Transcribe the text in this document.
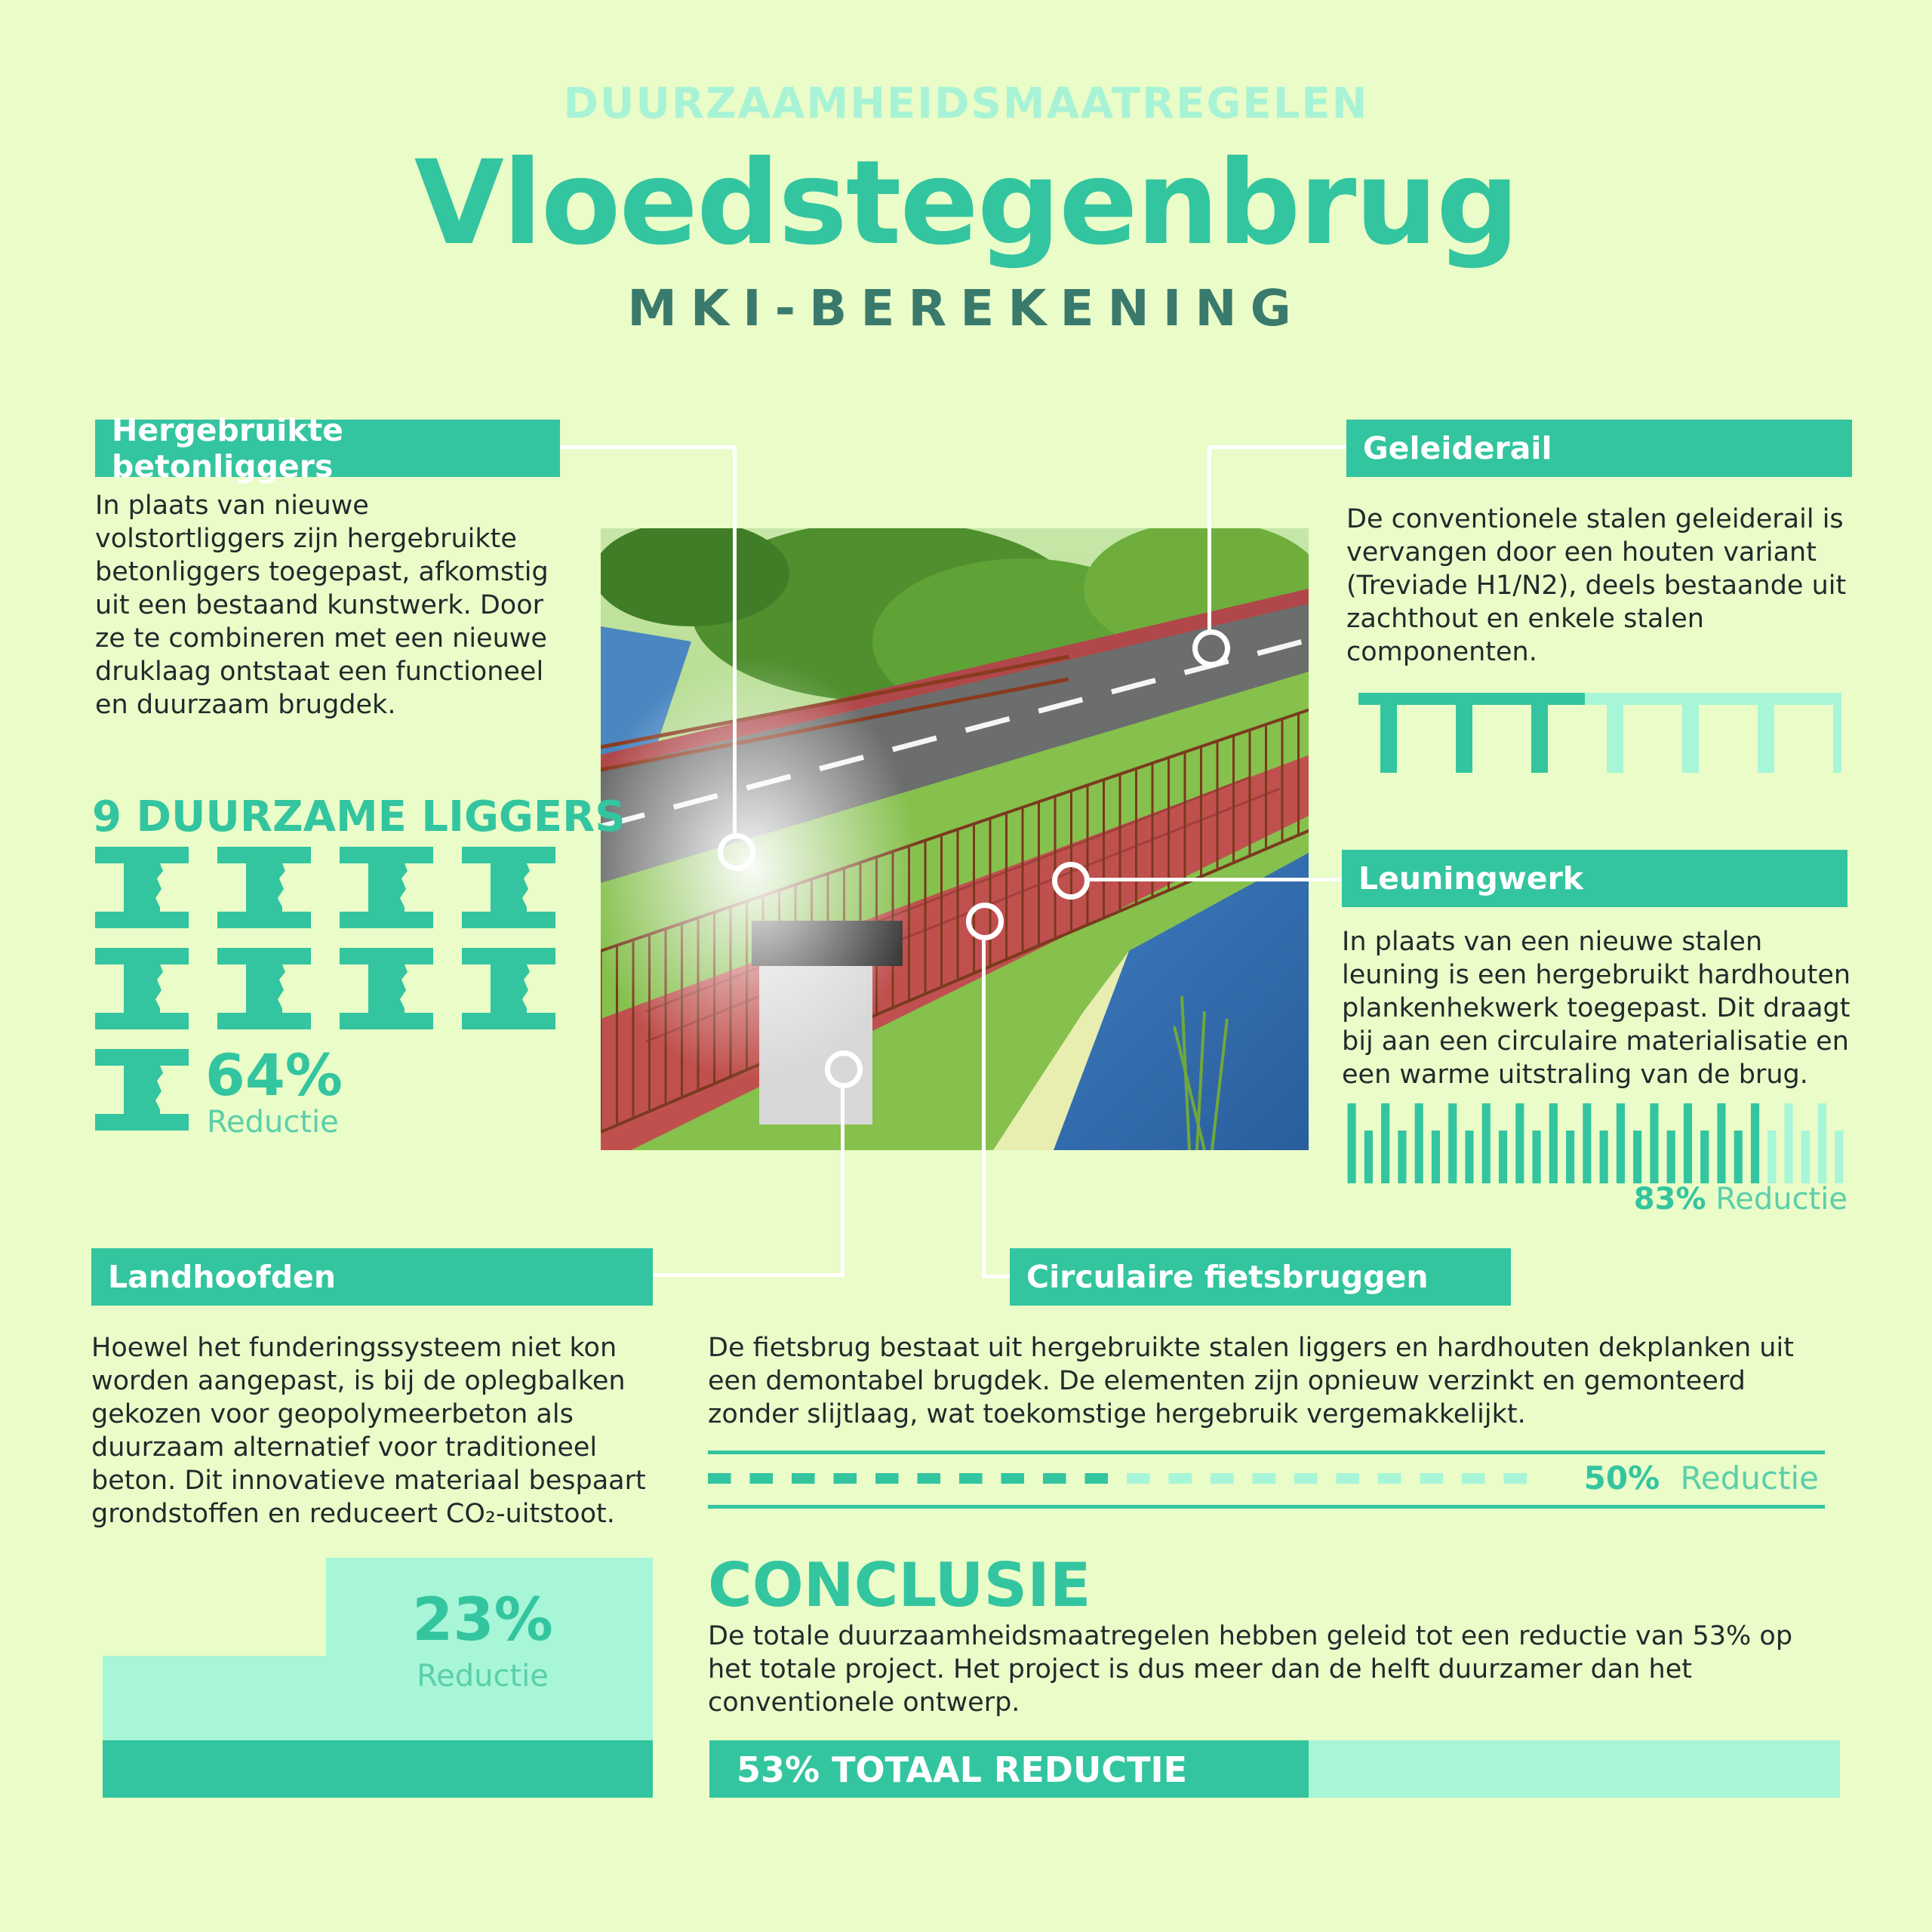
DUURZAAMHEIDSMAATREGELEN
Vloedstegenbrug
MKI-BEREKENING
Hergebruikte betonliggers
In plaats van nieuwe volstortliggers zijn hergebruikte betonliggers toegepast, afkomstig uit een bestaand kunstwerk. Door ze te combineren met een nieuwe druklaag ontstaat een functioneel en duurzaam brugdek.
9 DUURZAME LIGGERS
64%
Reductie
Geleiderail
De conventionele stalen geleiderail is vervangen door een houten variant (Treviade H1/N2), deels bestaande uit zachthout en enkele stalen componenten.
Leuningwerk
In plaats van een nieuwe stalen leuning is een hergebruikt hardhouten plankenhekwerk toegepast. Dit draagt bij aan een circulaire materialisatie en een warme uitstraling van de brug.
83% Reductie
Landhoofden
Hoewel het funderingssysteem niet kon worden aangepast, is bij de oplegbalken gekozen voor geopolymeerbeton als duurzaam alternatief voor traditioneel beton. Dit innovatieve materiaal bespaart grondstoffen en reduceert CO₂-uitstoot.
23%
Reductie
Circulaire fietsbruggen
De fietsbrug bestaat uit hergebruikte stalen liggers en hardhouten dekplanken uit een demontabel brugdek. De elementen zijn opnieuw verzinkt en gemonteerd zonder slijtlaag, wat toekomstige hergebruik vergemakkelijkt.
50% Reductie
CONCLUSIE
De totale duurzaamheidsmaatregelen hebben geleid tot een reductie van 53% op het totale project. Het project is dus meer dan de helft duurzamer dan het conventionele ontwerp.
53% TOTAAL REDUCTIE
